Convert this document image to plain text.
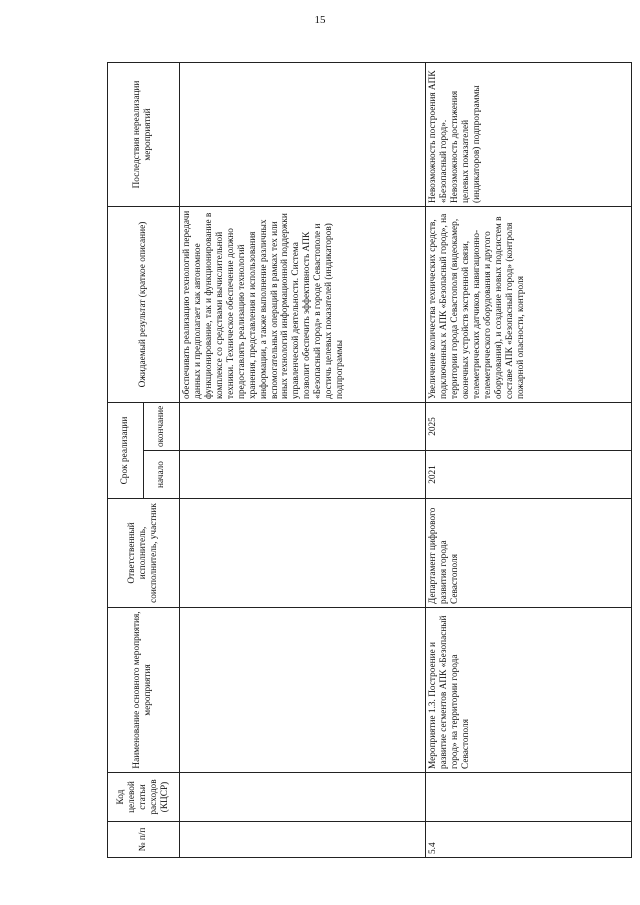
15
№ п/п	Код целевой статьи расходов (КЦСР)	Наименование основного мероприятия, мероприятия	Ответственный исполнитель, соисполнитель, участник	Срок реализации		Ожидаемый результат (краткое описание)	Последствия нереализации мероприятий
				начало	окончание		
						обеспечивать реализацию технологий передачи данных и предполагает как автономное функционирование, так и функционирование в комплексе со средствами вычислительной техники. Техническое обеспечение должно предоставлять реализацию технологий хранения, представления и использования информации, а также выполнение различных вспомогательных операций в рамках тех или иных технологий информационной поддержки управленческой деятельности. Система позволит обеспечить эффективность АПК «Безопасный город» в городе Севастополе и достичь целевых показателей (индикаторов) подпрограммы	
5.4		Мероприятие 1.3. Построение и развитие сегментов АПК «Безопасный город» на территории города Севастополя	Департамент цифрового развития города Севастополя	2021	2025	Увеличение количества технических средств, подключенных к АПК «Безопасный город», на территории города Севастополя (видеокамер, оконечных устройств экстренной связи, телеметрических датчиков, навигационно-телеметрического оборудования и другого оборудования), и создание новых подсистем в составе АПК «Безопасный город» (контроля пожарной опасности, контроля	Невозможность построения АПК «Безопасный город». Невозможность достижения целевых показателей (индикаторов) подпрограммы
